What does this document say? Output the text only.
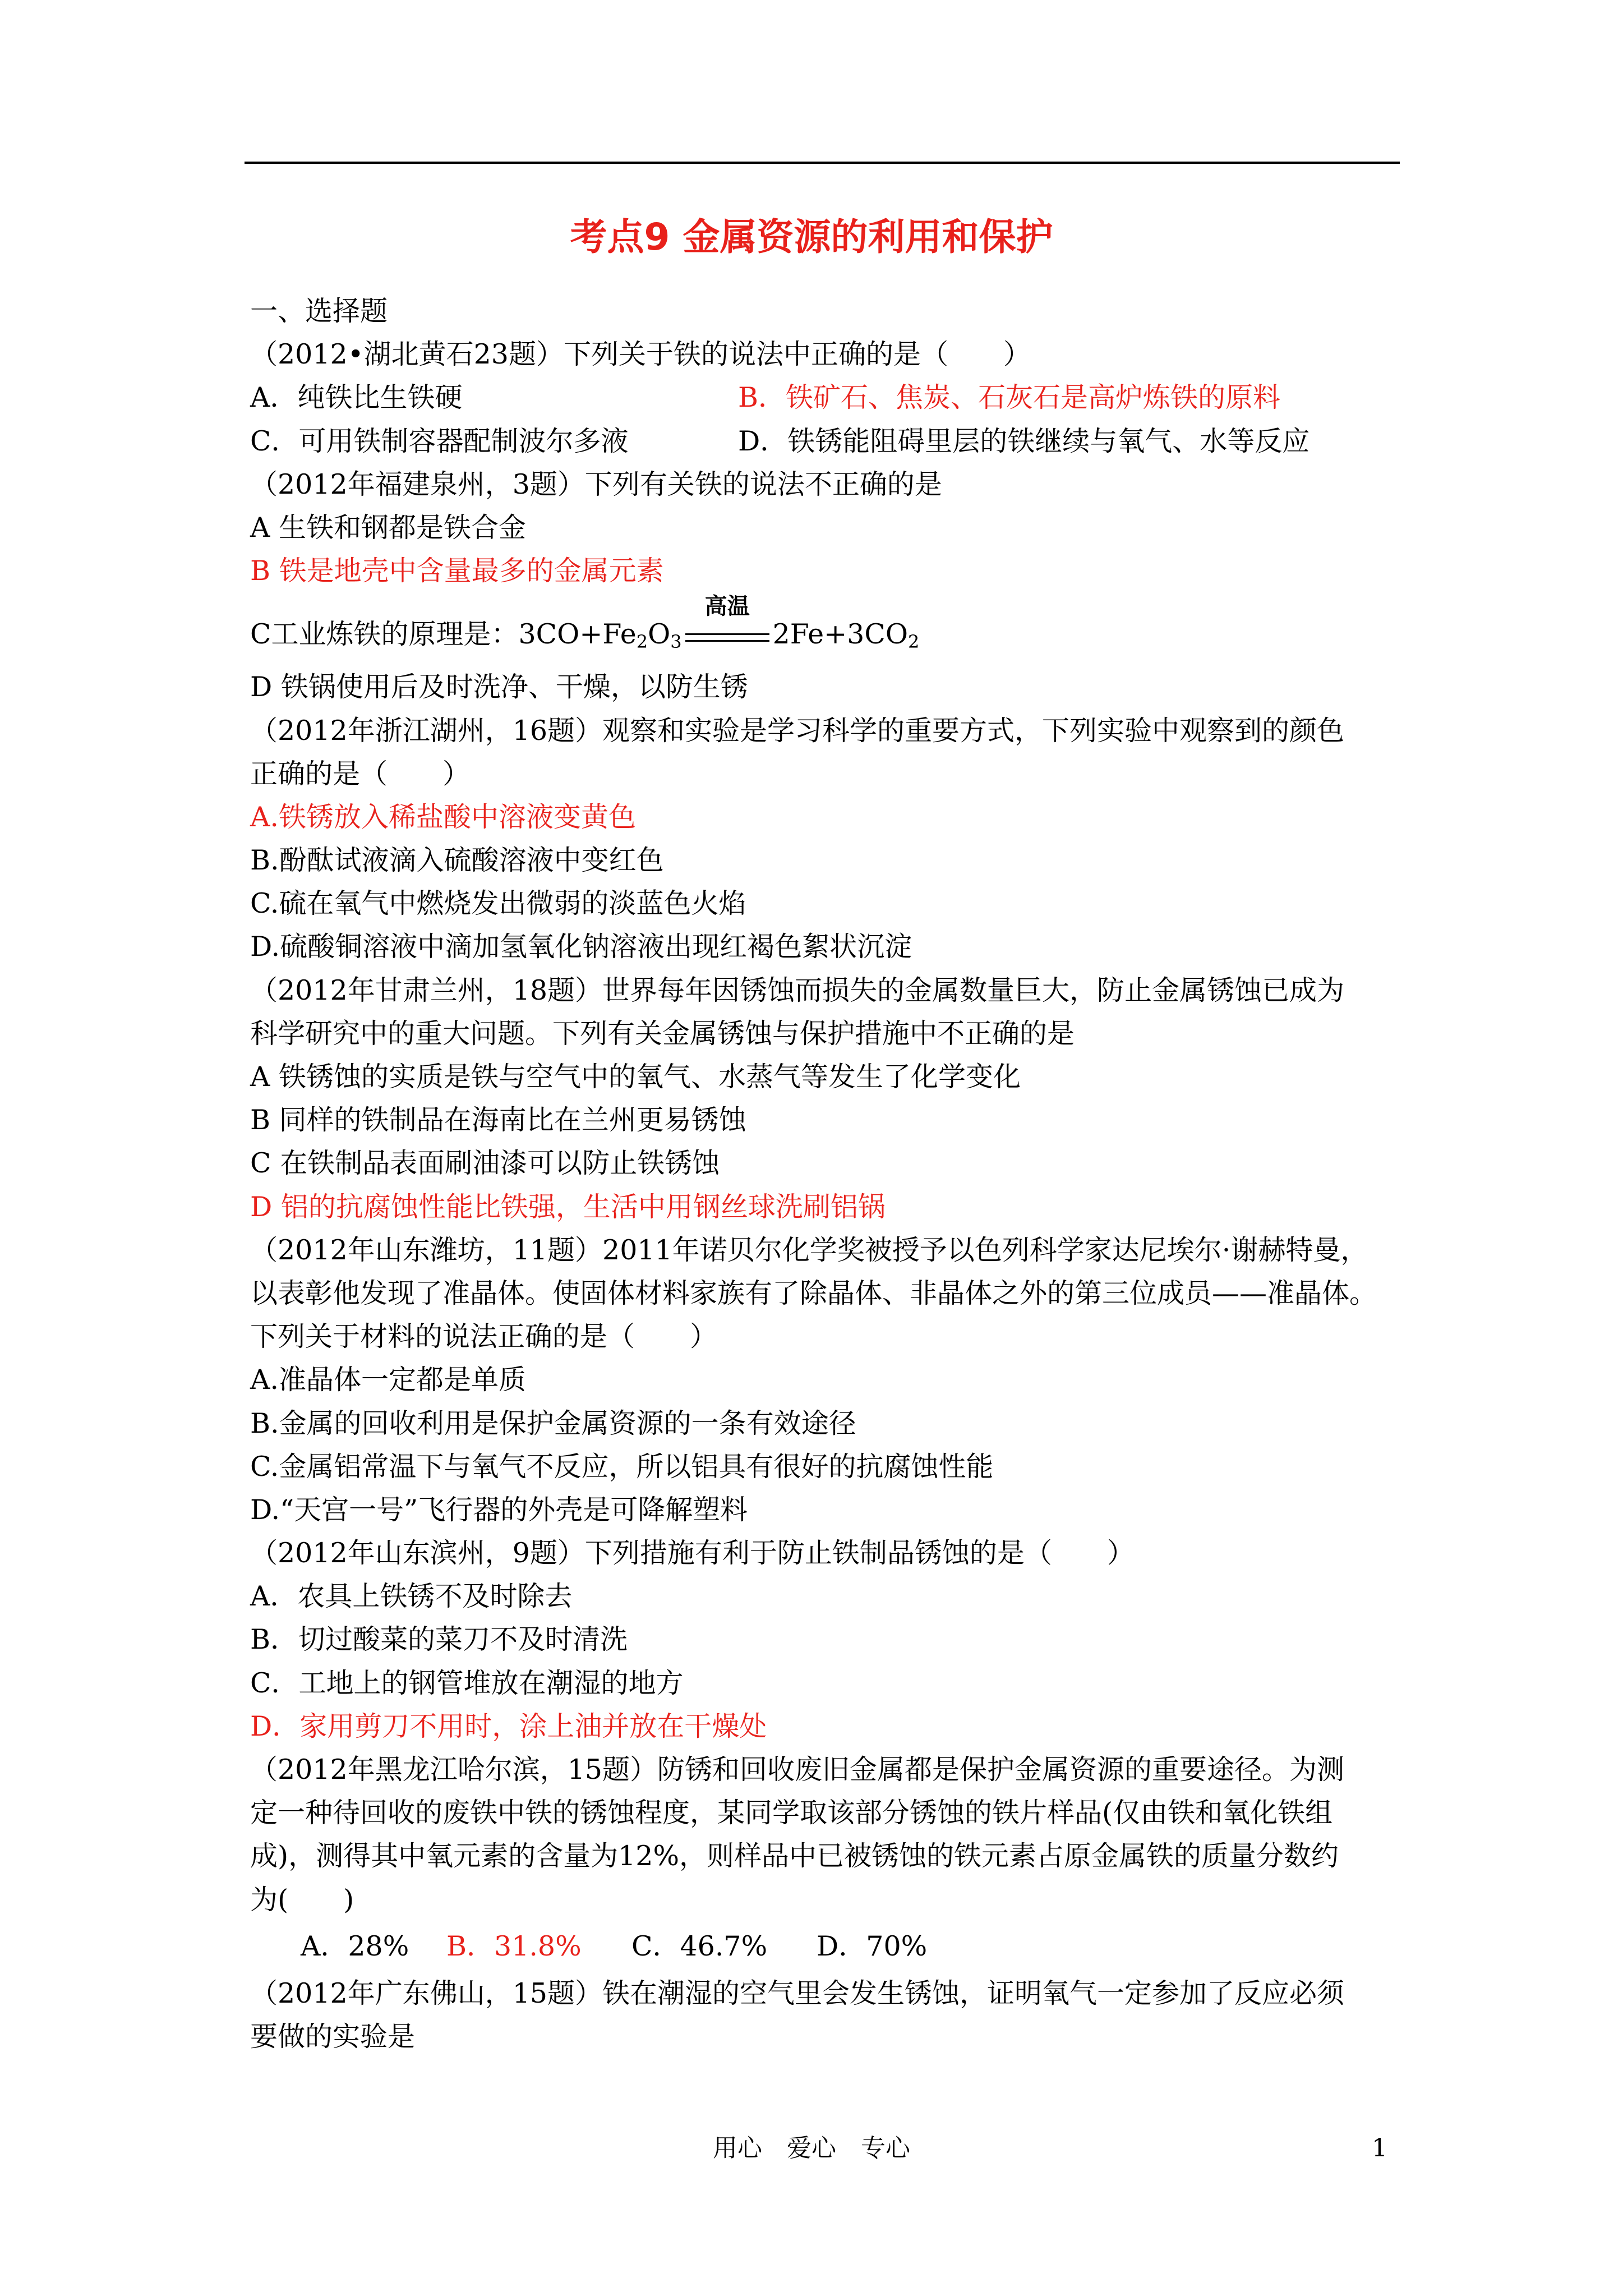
考点9 金属资源的利用和保护
一、选择题
（2012•湖北黄石23题）下列关于铁的说法中正确的是（　　）
A．纯铁比生铁硬	B．铁矿石、焦炭、石灰石是高炉炼铁的原料
C．可用铁制容器配制波尔多液	D．铁锈能阻碍里层的铁继续与氧气、水等反应
（2012年福建泉州，3题）下列有关铁的说法不正确的是
A 生铁和钢都是铁合金
B 铁是地壳中含量最多的金属元素
C工业炼铁的原理是：$3CO+Fe_2O_3$
高温
$2Fe+3CO_2$
D 铁锅使用后及时洗净、干燥，以防生锈
（2012年浙江湖州，16题）观察和实验是学习科学的重要方式，下列实验中观察到的颜色
正确的是（　　）
A.铁锈放入稀盐酸中溶液变黄色
B.酚酞试液滴入硫酸溶液中变红色
C.硫在氧气中燃烧发出微弱的淡蓝色火焰
D.硫酸铜溶液中滴加氢氧化钠溶液出现红褐色絮状沉淀
（2012年甘肃兰州，18题）世界每年因锈蚀而损失的金属数量巨大，防止金属锈蚀已成为
科学研究中的重大问题。下列有关金属锈蚀与保护措施中不正确的是
A 铁锈蚀的实质是铁与空气中的氧气、水蒸气等发生了化学变化
B 同样的铁制品在海南比在兰州更易锈蚀
C 在铁制品表面刷油漆可以防止铁锈蚀
D 铝的抗腐蚀性能比铁强，生活中用钢丝球洗刷铝锅
（2012年山东潍坊，11题）2011年诺贝尔化学奖被授予以色列科学家达尼埃尔·谢赫特曼，
以表彰他发现了准晶体。使固体材料家族有了除晶体、非晶体之外的第三位成员——准晶体。
下列关于材料的说法正确的是（　　）
A.准晶体一定都是单质
B.金属的回收利用是保护金属资源的一条有效途径
C.金属铝常温下与氧气不反应，所以铝具有很好的抗腐蚀性能
D.“天宫一号”飞行器的外壳是可降解塑料
（2012年山东滨州，9题）下列措施有利于防止铁制品锈蚀的是（　　）
A．农具上铁锈不及时除去
B．切过酸菜的菜刀不及时清洗
C．工地上的钢管堆放在潮湿的地方
D．家用剪刀不用时，涂上油并放在干燥处
（2012年黑龙江哈尔滨，15题）防锈和回收废旧金属都是保护金属资源的重要途径。为测
定一种待回收的废铁中铁的锈蚀程度，某同学取该部分锈蚀的铁片样品(仅由铁和氧化铁组
成)，测得其中氧元素的含量为12%，则样品中已被锈蚀的铁元素占原金属铁的质量分数约
为(　　)
A．28% B．31.8% C．46.7% D．70%
（2012年广东佛山，15题）铁在潮湿的空气里会发生锈蚀，证明氧气一定参加了反应必须
要做的实验是
用心　爱心　专心	1
